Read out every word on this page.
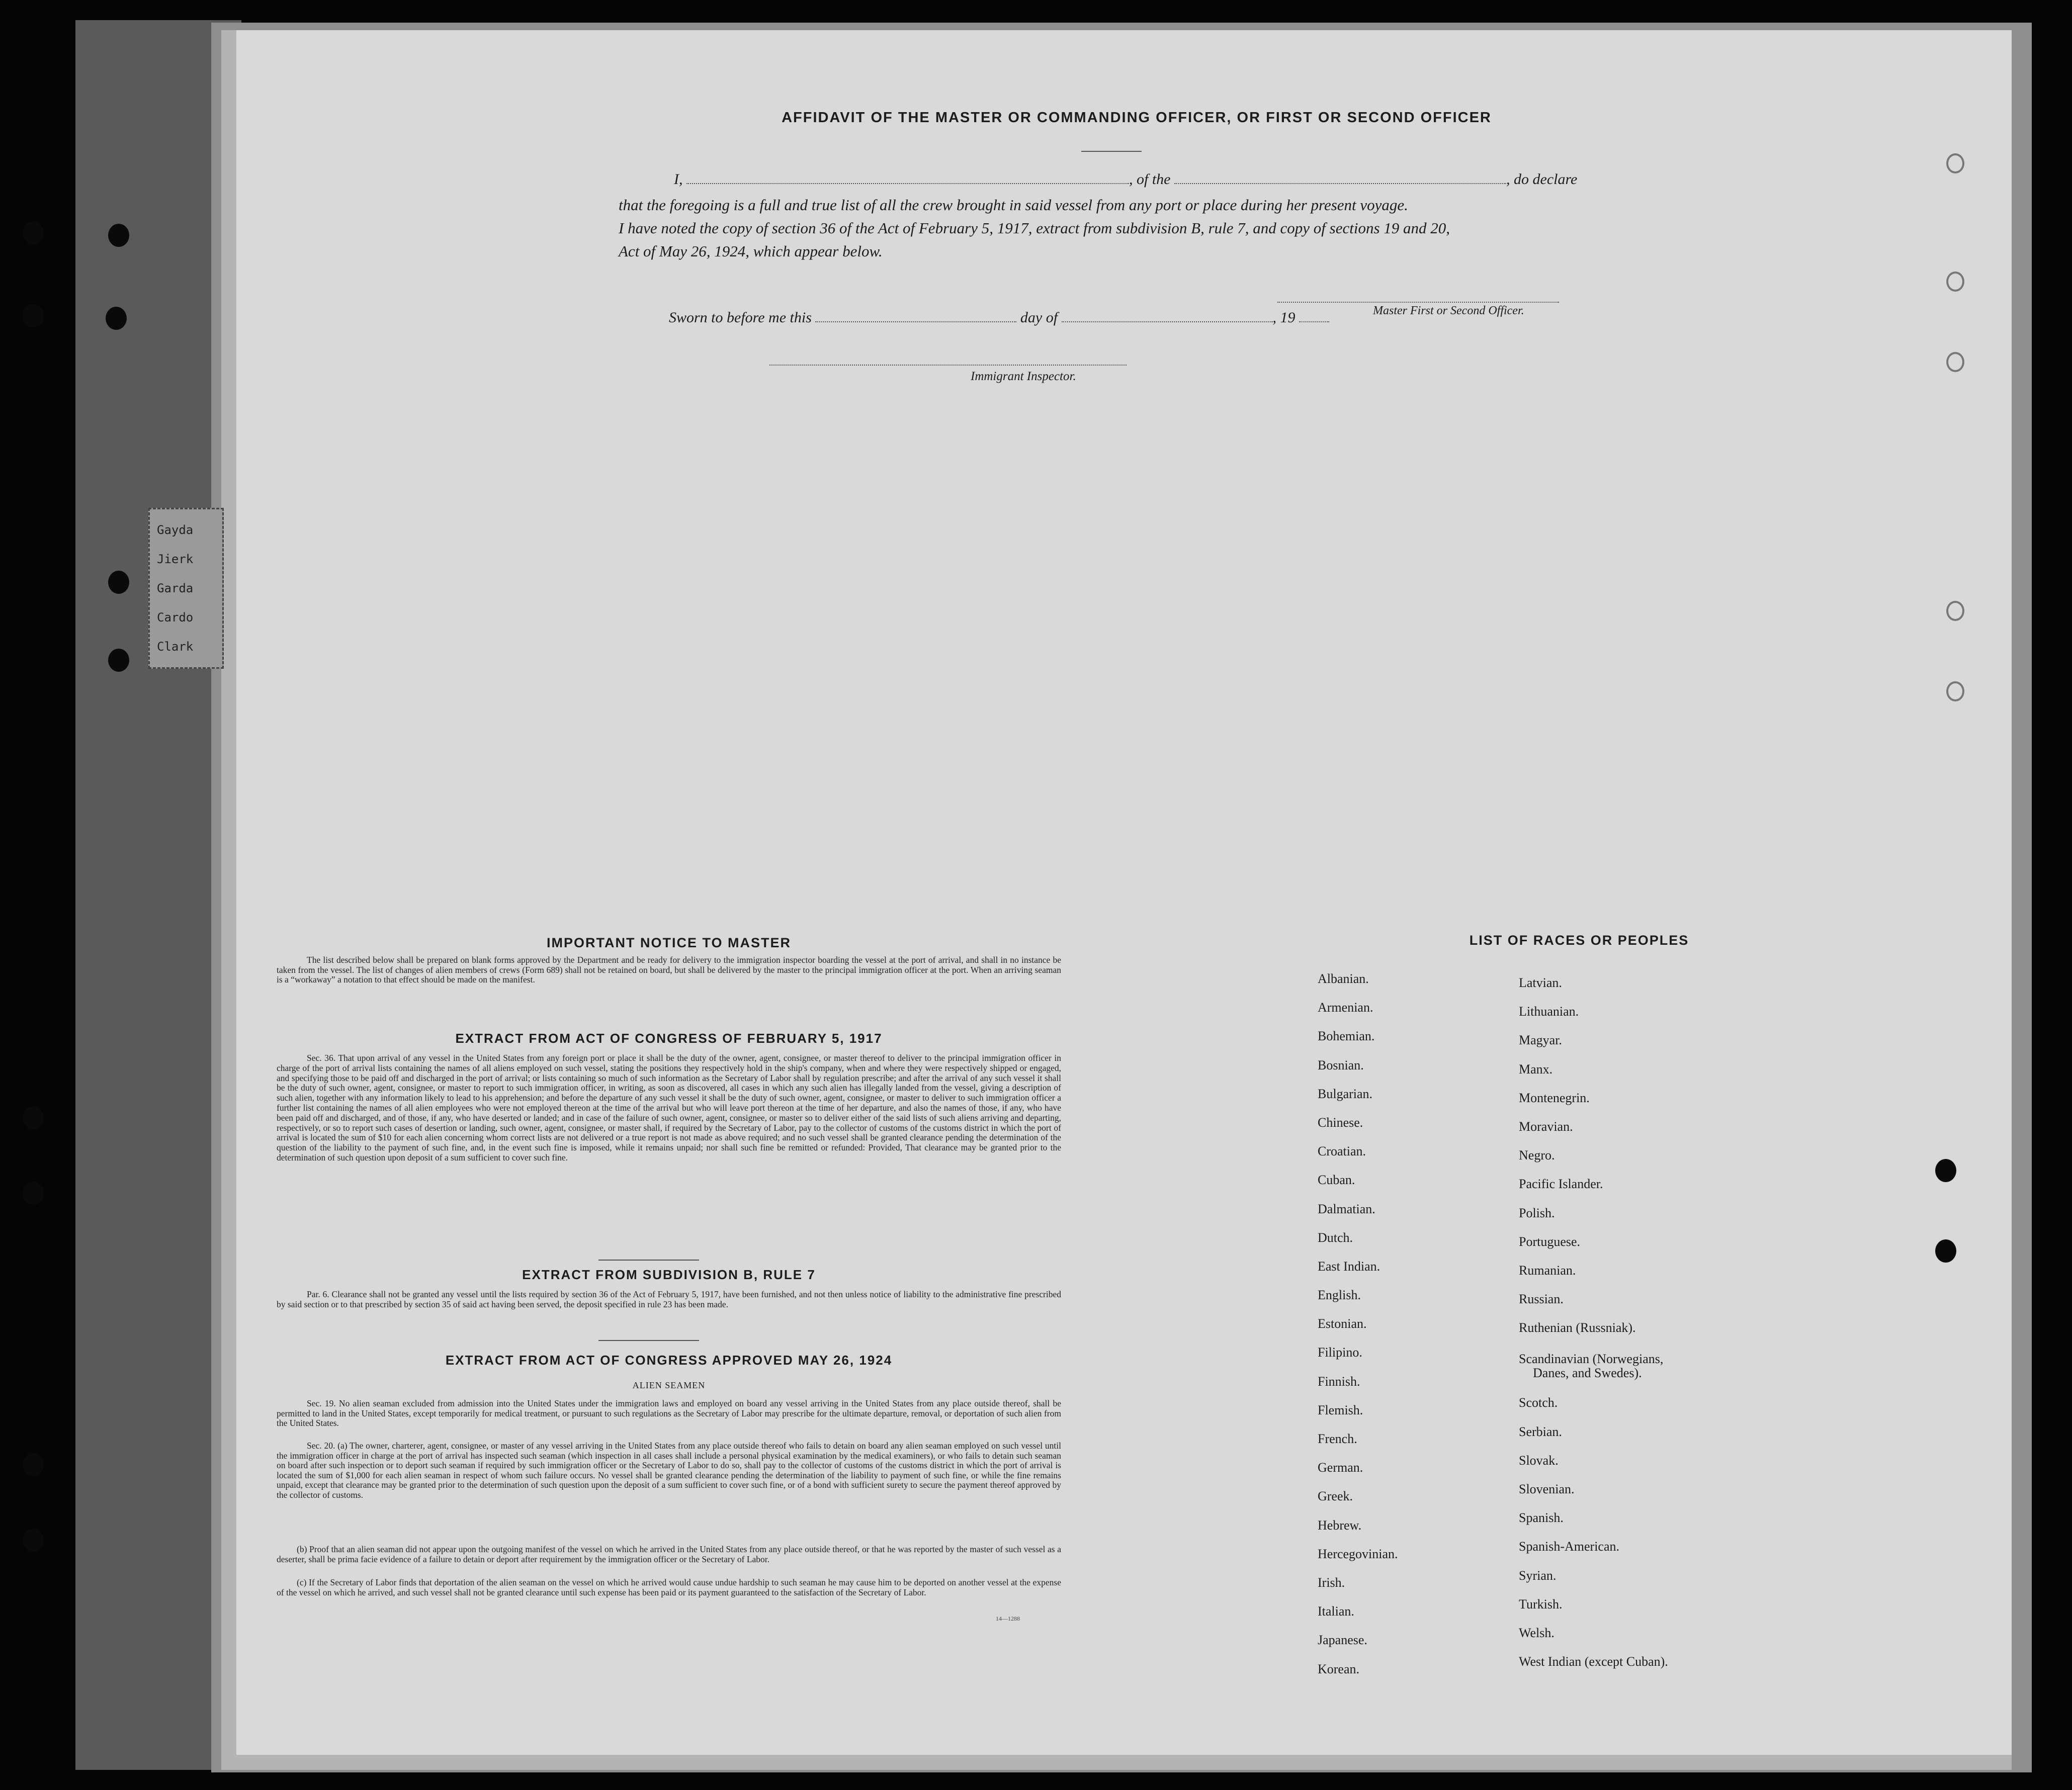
Gayda
Jierk
Garda
Cardo
Clark
AFFIDAVIT OF THE MASTER OR COMMANDING OFFICER, OR FIRST OR SECOND OFFICER
I,	, of the	, do declare
that the foregoing is a full and true list of all the crew brought in said vessel from any port or place during her present voyage.
I have noted the copy of section 36 of the Act of February 5, 1917, extract from subdivision B, rule 7, and copy of sections 19 and 20,
Act of May 26, 1924, which appear below.
Master First or Second Officer.
Sworn to before me this	day of	, 19
Immigrant Inspector.
IMPORTANT NOTICE TO MASTER
The list described below shall be prepared on blank forms approved by the Department and be ready for delivery to the immigration inspector boarding the vessel at the port of arrival, and shall in no instance be taken from the vessel. The list of changes of alien members of crews (Form 689) shall not be retained on board, but shall be delivered by the master to the principal immigration officer at the port. When an arriving seaman is a “workaway” a notation to that effect should be made on the manifest.
EXTRACT FROM ACT OF CONGRESS OF FEBRUARY 5, 1917
Sec. 36. That upon arrival of any vessel in the United States from any foreign port or place it shall be the duty of the owner, agent, consignee, or master thereof to deliver to the principal immigration officer in charge of the port of arrival lists containing the names of all aliens employed on such vessel, stating the positions they respectively hold in the ship's company, when and where they were respectively shipped or engaged, and specifying those to be paid off and discharged in the port of arrival; or lists containing so much of such information as the Secretary of Labor shall by regulation prescribe; and after the arrival of any such vessel it shall be the duty of such owner, agent, consignee, or master to report to such immigration officer, in writing, as soon as discovered, all cases in which any such alien has illegally landed from the vessel, giving a description of such alien, together with any information likely to lead to his apprehension; and before the departure of any such vessel it shall be the duty of such owner, agent, consignee, or master to deliver to such immigration officer a further list containing the names of all alien employees who were not employed thereon at the time of the arrival but who will leave port thereon at the time of her departure, and also the names of those, if any, who have been paid off and discharged, and of those, if any, who have deserted or landed; and in case of the failure of such owner, agent, consignee, or master so to deliver either of the said lists of such aliens arriving and departing, respectively, or so to report such cases of desertion or landing, such owner, agent, consignee, or master shall, if required by the Secretary of Labor, pay to the collector of customs of the customs district in which the port of arrival is located the sum of $10 for each alien concerning whom correct lists are not delivered or a true report is not made as above required; and no such vessel shall be granted clearance pending the determination of the question of the liability to the payment of such fine, and, in the event such fine is imposed, while it remains unpaid; nor shall such fine be remitted or refunded: Provided, That clearance may be granted prior to the determination of such question upon deposit of a sum sufficient to cover such fine.
EXTRACT FROM SUBDIVISION B, RULE 7
Par. 6. Clearance shall not be granted any vessel until the lists required by section 36 of the Act of February 5, 1917, have been furnished, and not then unless notice of liability to the administrative fine prescribed by said section or to that prescribed by section 35 of said act having been served, the deposit specified in rule 23 has been made.
EXTRACT FROM ACT OF CONGRESS APPROVED MAY 26, 1924
ALIEN SEAMEN
Sec. 19. No alien seaman excluded from admission into the United States under the immigration laws and employed on board any vessel arriving in the United States from any place outside thereof, shall be permitted to land in the United States, except temporarily for medical treatment, or pursuant to such regulations as the Secretary of Labor may prescribe for the ultimate departure, removal, or deportation of such alien from the United States.
Sec. 20. (a) The owner, charterer, agent, consignee, or master of any vessel arriving in the United States from any place outside thereof who fails to detain on board any alien seaman employed on such vessel until the immigration officer in charge at the port of arrival has inspected such seaman (which inspection in all cases shall include a personal physical examination by the medical examiners), or who fails to detain such seaman on board after such inspection or to deport such seaman if required by such immigration officer or the Secretary of Labor to do so, shall pay to the collector of customs of the customs district in which the port of arrival is located the sum of $1,000 for each alien seaman in respect of whom such failure occurs. No vessel shall be granted clearance pending the determination of the liability to payment of such fine, or while the fine remains unpaid, except that clearance may be granted prior to the determination of such question upon the deposit of a sum sufficient to cover such fine, or of a bond with sufficient surety to secure the payment thereof approved by the collector of customs.
(b) Proof that an alien seaman did not appear upon the outgoing manifest of the vessel on which he arrived in the United States from any place outside thereof, or that he was reported by the master of such vessel as a deserter, shall be prima facie evidence of a failure to detain or deport after requirement by the immigration officer or the Secretary of Labor.
(c) If the Secretary of Labor finds that deportation of the alien seaman on the vessel on which he arrived would cause undue hardship to such seaman he may cause him to be deported on another vessel at the expense of the vessel on which he arrived, and such vessel shall not be granted clearance until such expense has been paid or its payment guaranteed to the satisfaction of the Secretary of Labor.
14—1288
LIST OF RACES OR PEOPLES
Albanian.
Armenian.
Bohemian.
Bosnian.
Bulgarian.
Chinese.
Croatian.
Cuban.
Dalmatian.
Dutch.
East Indian.
English.
Estonian.
Filipino.
Finnish.
Flemish.
French.
German.
Greek.
Hebrew.
Hercegovinian.
Irish.
Italian.
Japanese.
Korean.
Latvian.
Lithuanian.
Magyar.
Manx.
Montenegrin.
Moravian.
Negro.
Pacific Islander.
Polish.
Portuguese.
Rumanian.
Russian.
Ruthenian (Russniak).
Scandinavian (Norwegians,
Danes, and Swedes).
Scotch.
Serbian.
Slovak.
Slovenian.
Spanish.
Spanish-American.
Syrian.
Turkish.
Welsh.
West Indian (except Cuban).
